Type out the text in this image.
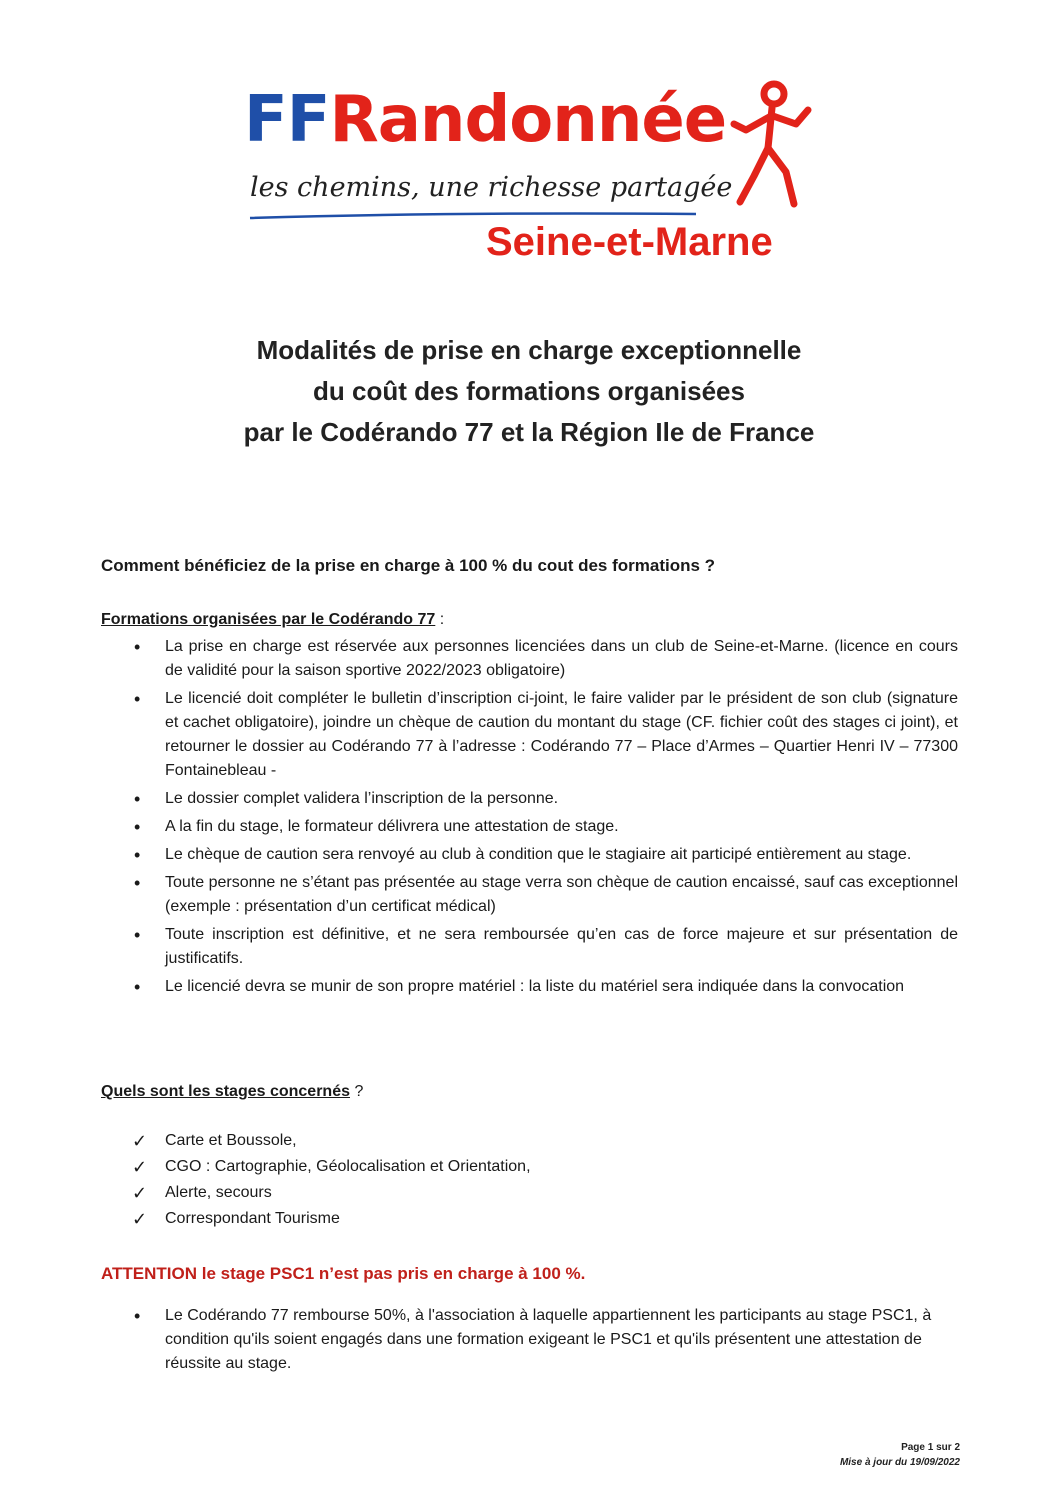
FFRandonnée
les chemins, une richesse partagée
Seine-et-Marne
Modalités de prise en charge exceptionnelle
du coût des formations organisées
par le Codérando 77 et la Région Ile de France
Comment bénéficiez de la prise en charge à 100 % du cout des formations ?
Formations organisées par le Codérando 77 :
• La prise en charge est réservée aux personnes licenciées dans un club de Seine-et-Marne. (licence en cours de validité pour la saison sportive 2022/2023 obligatoire)
• Le licencié doit compléter le bulletin d’inscription ci-joint, le faire valider par le président de son club (signature et cachet obligatoire), joindre un chèque de caution du montant du stage (CF. fichier coût des stages ci joint), et retourner le dossier au Codérando 77 à l’adresse : Codérando 77 – Place d’Armes – Quartier Henri IV – 77300 Fontainebleau -
• Le dossier complet validera l’inscription de la personne.
• A la fin du stage, le formateur délivrera une attestation de stage.
• Le chèque de caution sera renvoyé au club à condition que le stagiaire ait participé entièrement au stage.
• Toute personne ne s’étant pas présentée au stage verra son chèque de caution encaissé, sauf cas exceptionnel (exemple : présentation d’un certificat médical)
• Toute inscription est définitive, et ne sera remboursée qu’en cas de force majeure et sur présentation de justificatifs.
• Le licencié devra se munir de son propre matériel : la liste du matériel sera indiquée dans la convocation
Quels sont les stages concernés ?
✓ Carte et Boussole,
✓ CGO : Cartographie, Géolocalisation et Orientation,
✓ Alerte, secours
✓ Correspondant Tourisme
ATTENTION le stage PSC1 n’est pas pris en charge à 100 %.
• Le Codérando 77 rembourse 50%, à l'association à laquelle appartiennent les participants au stage PSC1, à condition qu'ils soient engagés dans une formation exigeant le PSC1 et qu'ils présentent une attestation de réussite au stage.
Page 1 sur 2
Mise à jour du 19/09/2022
